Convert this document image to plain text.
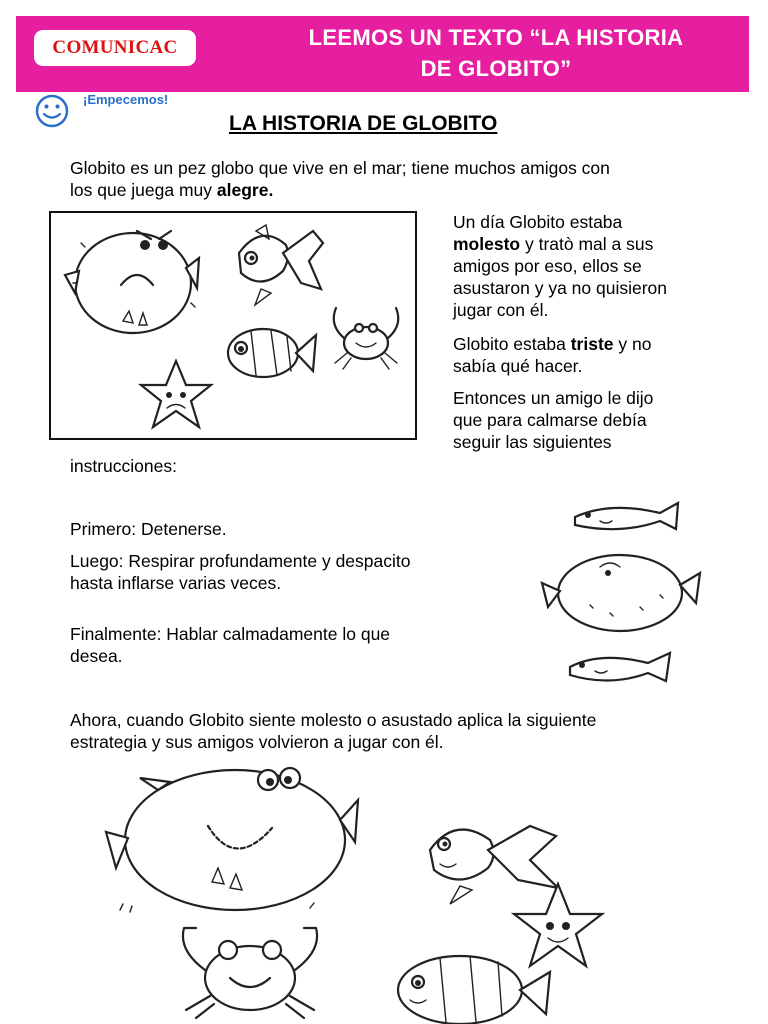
COMUNICAC	LEEMOS UN TEXTO “LA HISTORIA
DE GLOBITO”
¡Empecemos!
LA HISTORIA DE GLOBITO
Globito es un pez globo que vive en el mar; tiene muchos amigos con
los que juega muy alegre.
Un día Globito estaba
molesto y tratò mal a sus
amigos por eso, ellos se
asustaron y ya no quisieron
jugar con él.
Globito estaba triste y no
sabía qué hacer.
Entonces un amigo le dijo
que para calmarse debía
seguir las siguientes
instrucciones:
Primero: Detenerse.
Luego: Respirar profundamente y despacito
hasta inflarse varias veces.
Finalmente: Hablar calmadamente lo que
desea.
Ahora, cuando Globito siente molesto o asustado aplica la siguiente
estrategia y sus amigos volvieron a jugar con él.
